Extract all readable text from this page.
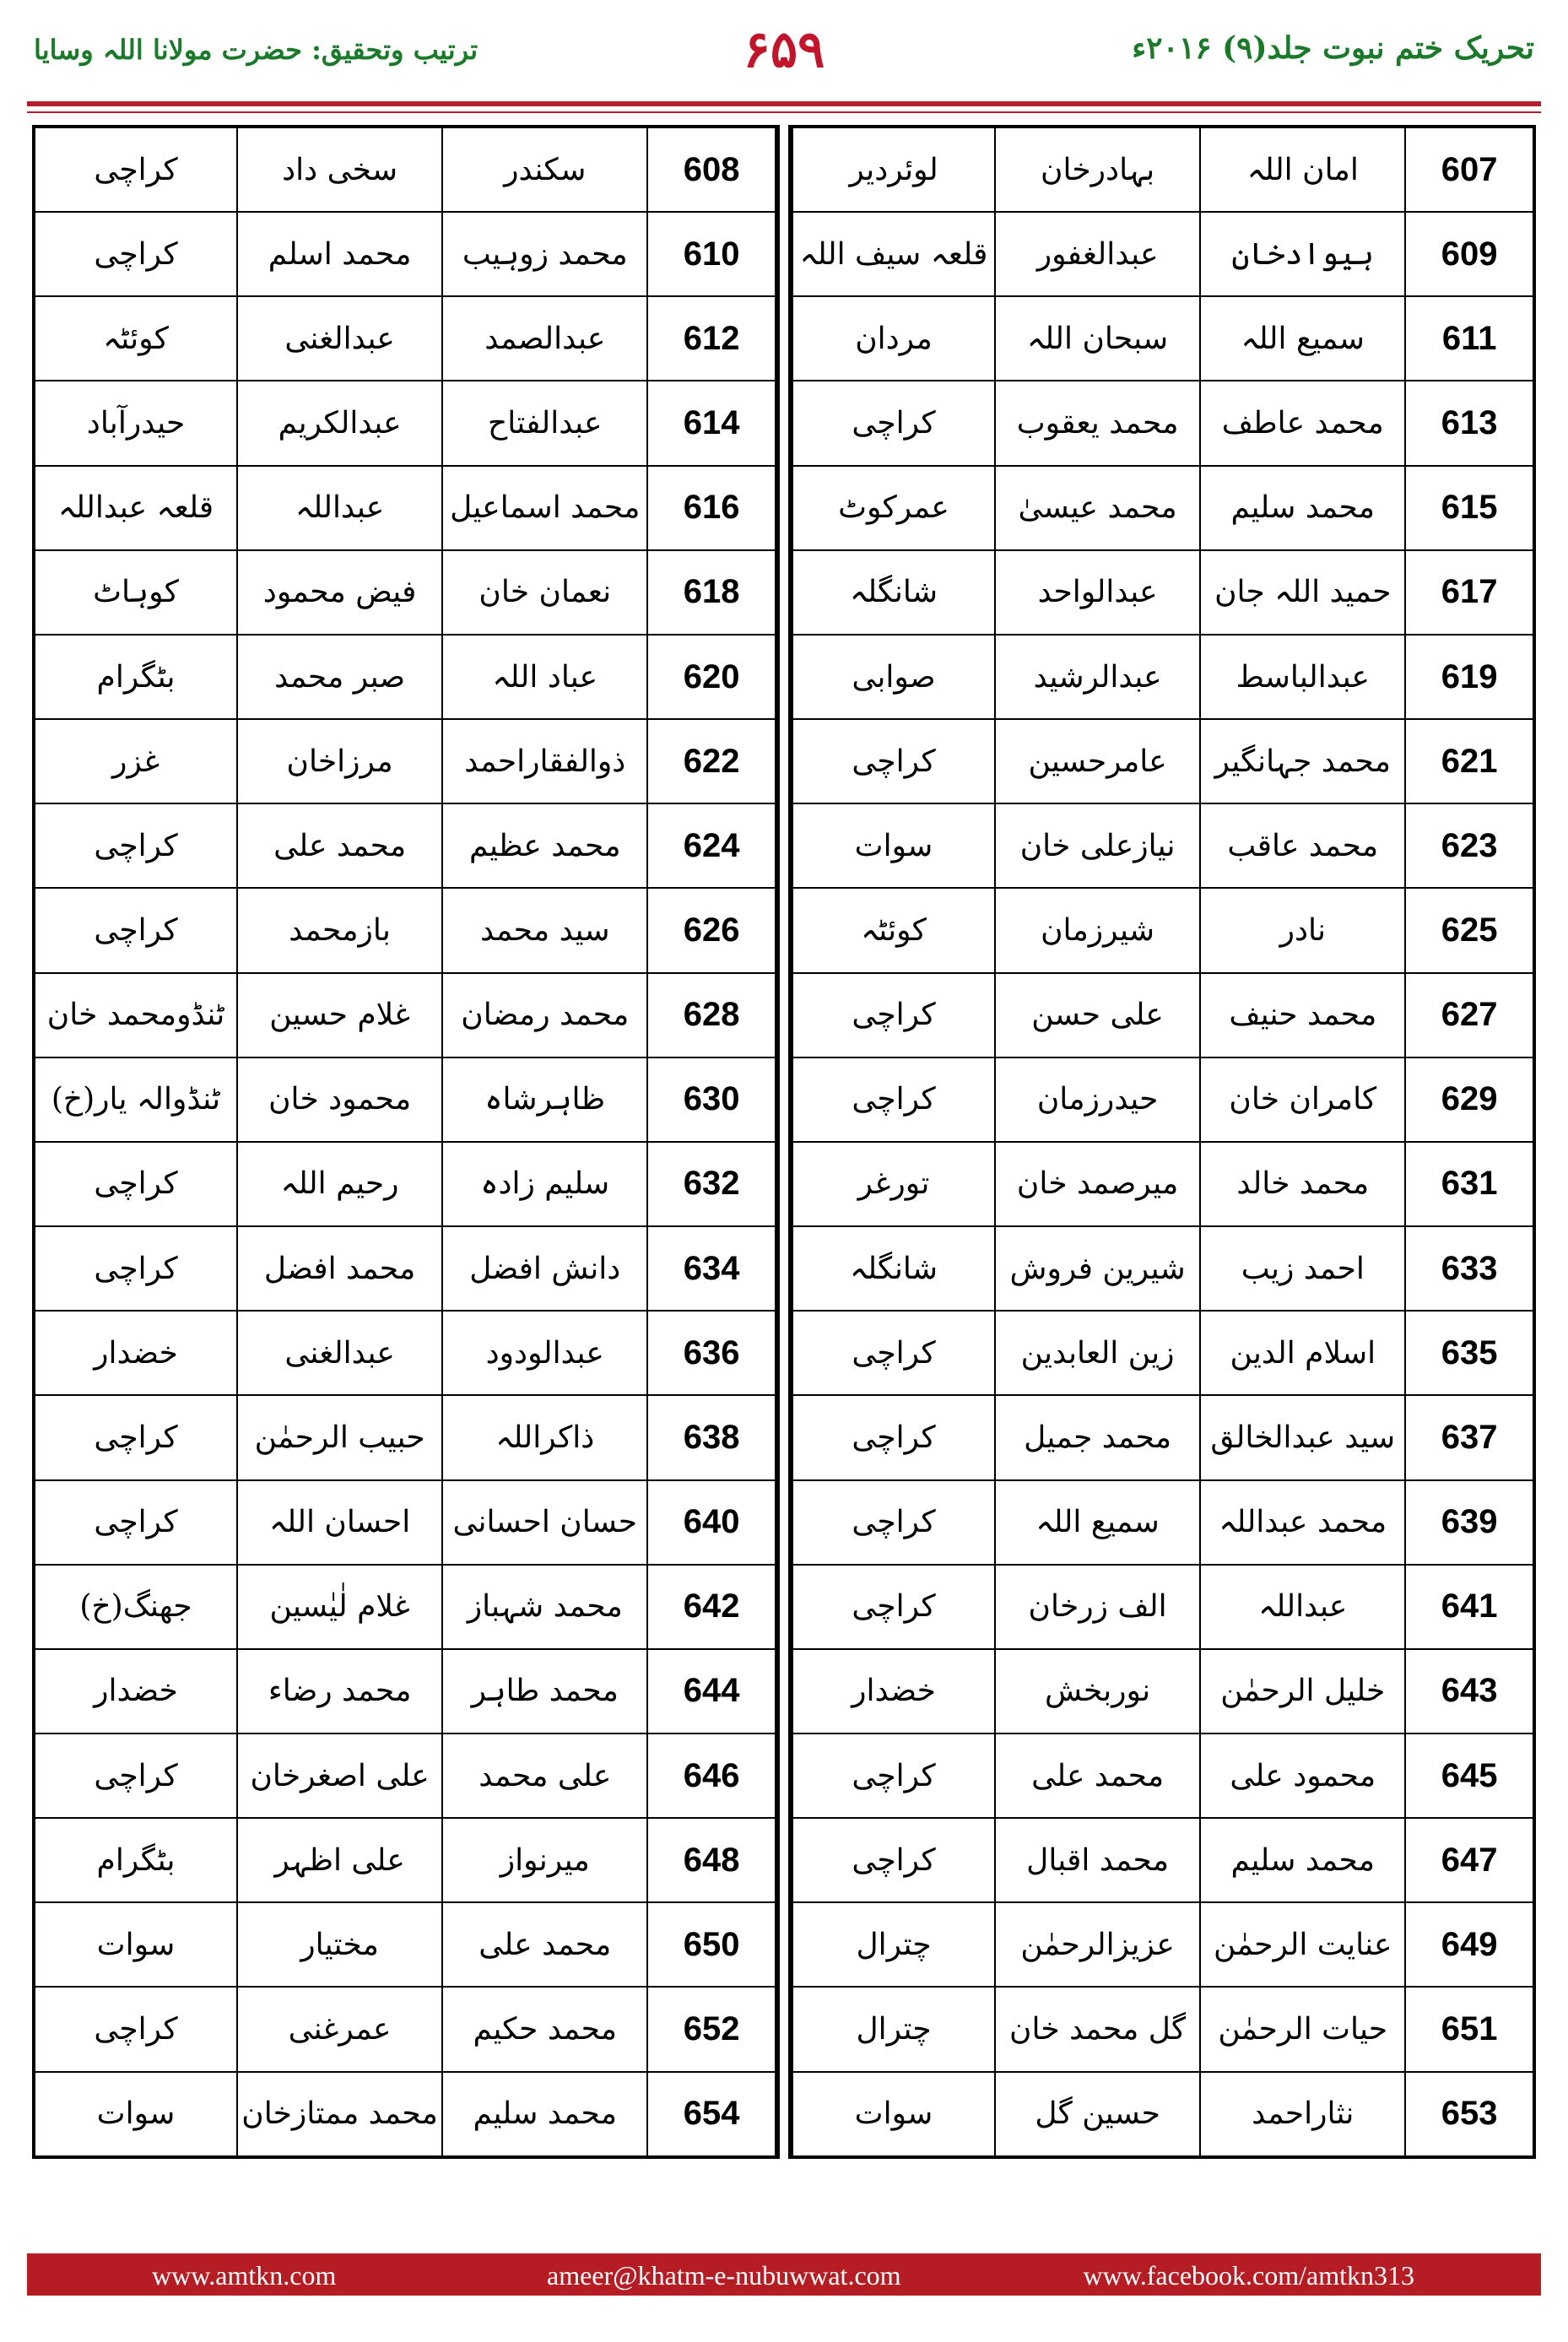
تحریک ختم نبوت جلد(۹) ۲۰۱۶ء
۶۵۹
ترتیب وتحقیق: حضرت مولانا اللہ وسایا
کراچی	سخی داد	سکندر	608
کراچی	محمد اسلم	محمد زوہیب	610
کوئٹہ	عبدالغنی	عبدالصمد	612
حیدرآباد	عبدالکریم	عبدالفتاح	614
قلعہ عبداللہ	عبداللہ	محمد اسماعیل	616
کوہاٹ	فیض محمود	نعمان خان	618
بٹگرام	صبر محمد	عباد اللہ	620
غزر	مرزاخان	ذوالفقاراحمد	622
کراچی	محمد علی	محمد عظیم	624
کراچی	بازمحمد	سید محمد	626
ٹنڈومحمد خان	غلام حسین	محمد رمضان	628
ٹنڈوالہ یار(خ)	محمود خان	ظاہرشاہ	630
کراچی	رحیم اللہ	سلیم زادہ	632
کراچی	محمد افضل	دانش افضل	634
خضدار	عبدالغنی	عبدالودود	636
کراچی	حبیب الرحمٰن	ذاکراللہ	638
کراچی	احسان اللہ	حسان احسانی	640
جھنگ(خ)	غلام لٰیٰسین	محمد شہباز	642
خضدار	محمد رضاء	محمد طاہر	644
کراچی	علی اصغرخان	علی محمد	646
بٹگرام	علی اظہر	میرنواز	648
سوات	مختیار	محمد علی	650
کراچی	عمرغنی	محمد حکیم	652
سوات	محمد ممتازخان	محمد سلیم	654
لوئردیر	بہادرخان	امان اللہ	607
قلعہ سیف اللہ	عبدالغفور	ہیوادخان	609
مردان	سبحان اللہ	سمیع اللہ	611
کراچی	محمد یعقوب	محمد عاطف	613
عمرکوٹ	محمد عیسیٰ	محمد سلیم	615
شانگلہ	عبدالواحد	حمید اللہ جان	617
صوابی	عبدالرشید	عبدالباسط	619
کراچی	عامرحسین	محمد جہانگیر	621
سوات	نیازعلی خان	محمد عاقب	623
کوئٹہ	شیرزمان	نادر	625
کراچی	علی حسن	محمد حنیف	627
کراچی	حیدرزمان	کامران خان	629
تورغر	میرصمد خان	محمد خالد	631
شانگلہ	شیرین فروش	احمد زیب	633
کراچی	زین العابدین	اسلام الدین	635
کراچی	محمد جمیل	سید عبدالخالق	637
کراچی	سمیع اللہ	محمد عبداللہ	639
کراچی	الف زرخان	عبداللہ	641
خضدار	نوربخش	خلیل الرحمٰن	643
کراچی	محمد علی	محمود علی	645
کراچی	محمد اقبال	محمد سلیم	647
چترال	عزیزالرحمٰن	عنایت الرحمٰن	649
چترال	گل محمد خان	حیات الرحمٰن	651
سوات	حسین گل	نثاراحمد	653
www.amtkn.com	ameer@khatm-e-nubuwwat.com	www.facebook.com/amtkn313
